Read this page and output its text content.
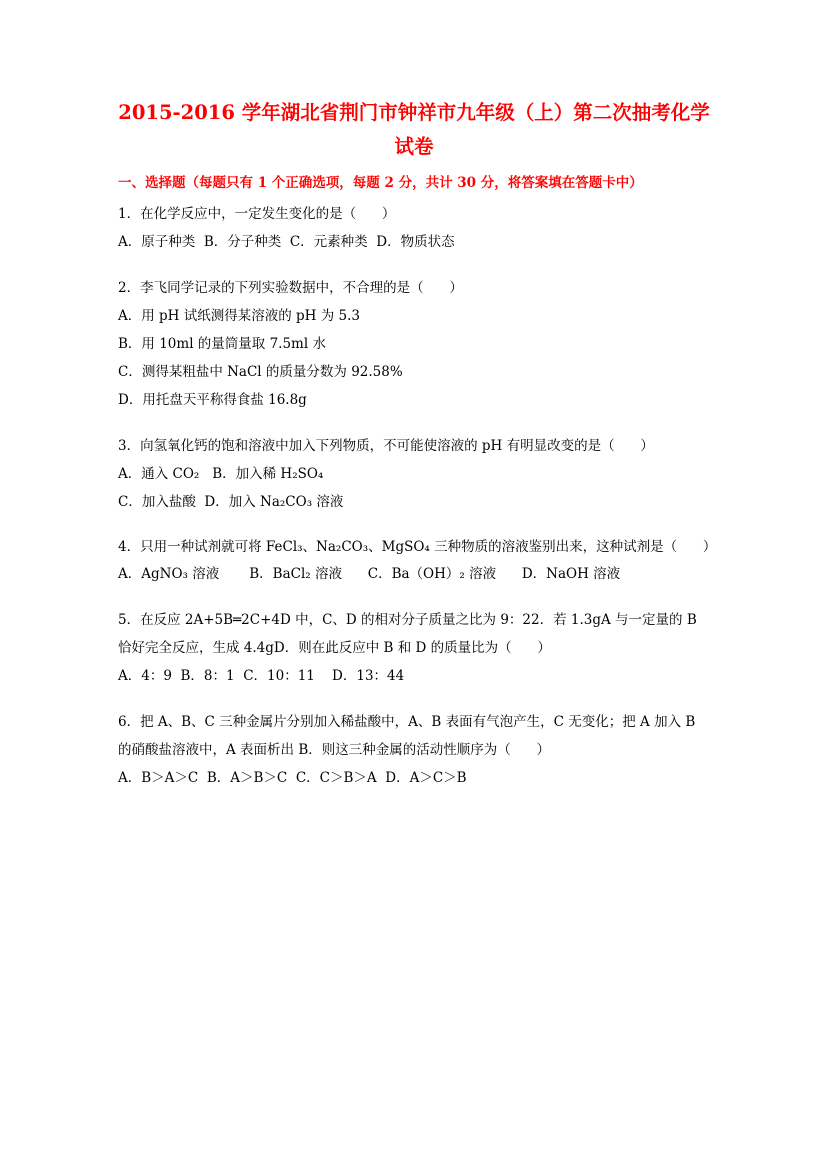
2015-2016 学年湖北省荆门市钟祥市九年级（上）第二次抽考化学试卷
一、选择题（每题只有 1 个正确选项，每题 2 分，共计 30 分，将答案填在答题卡中）
1．在化学反应中，一定发生变化的是（      ）
A．原子种类  B．分子种类  C．元素种类  D．物质状态
2．李飞同学记录的下列实验数据中，不合理的是（      ）
A．用 pH 试纸测得某溶液的 pH 为 5.3
B．用 10ml 的量筒量取 7.5ml 水
C．测得某粗盐中 NaCl 的质量分数为 92.58%
D．用托盘天平称得食盐 16.8g
3．向氢氧化钙的饱和溶液中加入下列物质，不可能使溶液的 pH 有明显改变的是（      ）
A．通入 CO₂   B．加入稀 H₂SO₄
C．加入盐酸  D．加入 Na₂CO₃ 溶液
4．只用一种试剂就可将 FeCl₃、Na₂CO₃、MgSO₄ 三种物质的溶液鉴别出来，这种试剂是（      ）
A．AgNO₃ 溶液       B．BaCl₂ 溶液      C．Ba（OH）₂ 溶液      D．NaOH 溶液
5．在反应 2A+5B═2C+4D 中，C、D 的相对分子质量之比为 9：22．若 1.3gA 与一定量的 B 恰好完全反应，生成 4.4gD．则在此反应中 B 和 D 的质量比为（      ）
A．4：9  B．8：1  C．10：11    D．13：44
6．把 A、B、C 三种金属片分别加入稀盐酸中，A、B 表面有气泡产生，C 无变化；把 A 加入 B 的硝酸盐溶液中，A 表面析出 B．则这三种金属的活动性顺序为（      ）
A．B＞A＞C  B．A＞B＞C  C．C＞B＞A  D．A＞C＞B
